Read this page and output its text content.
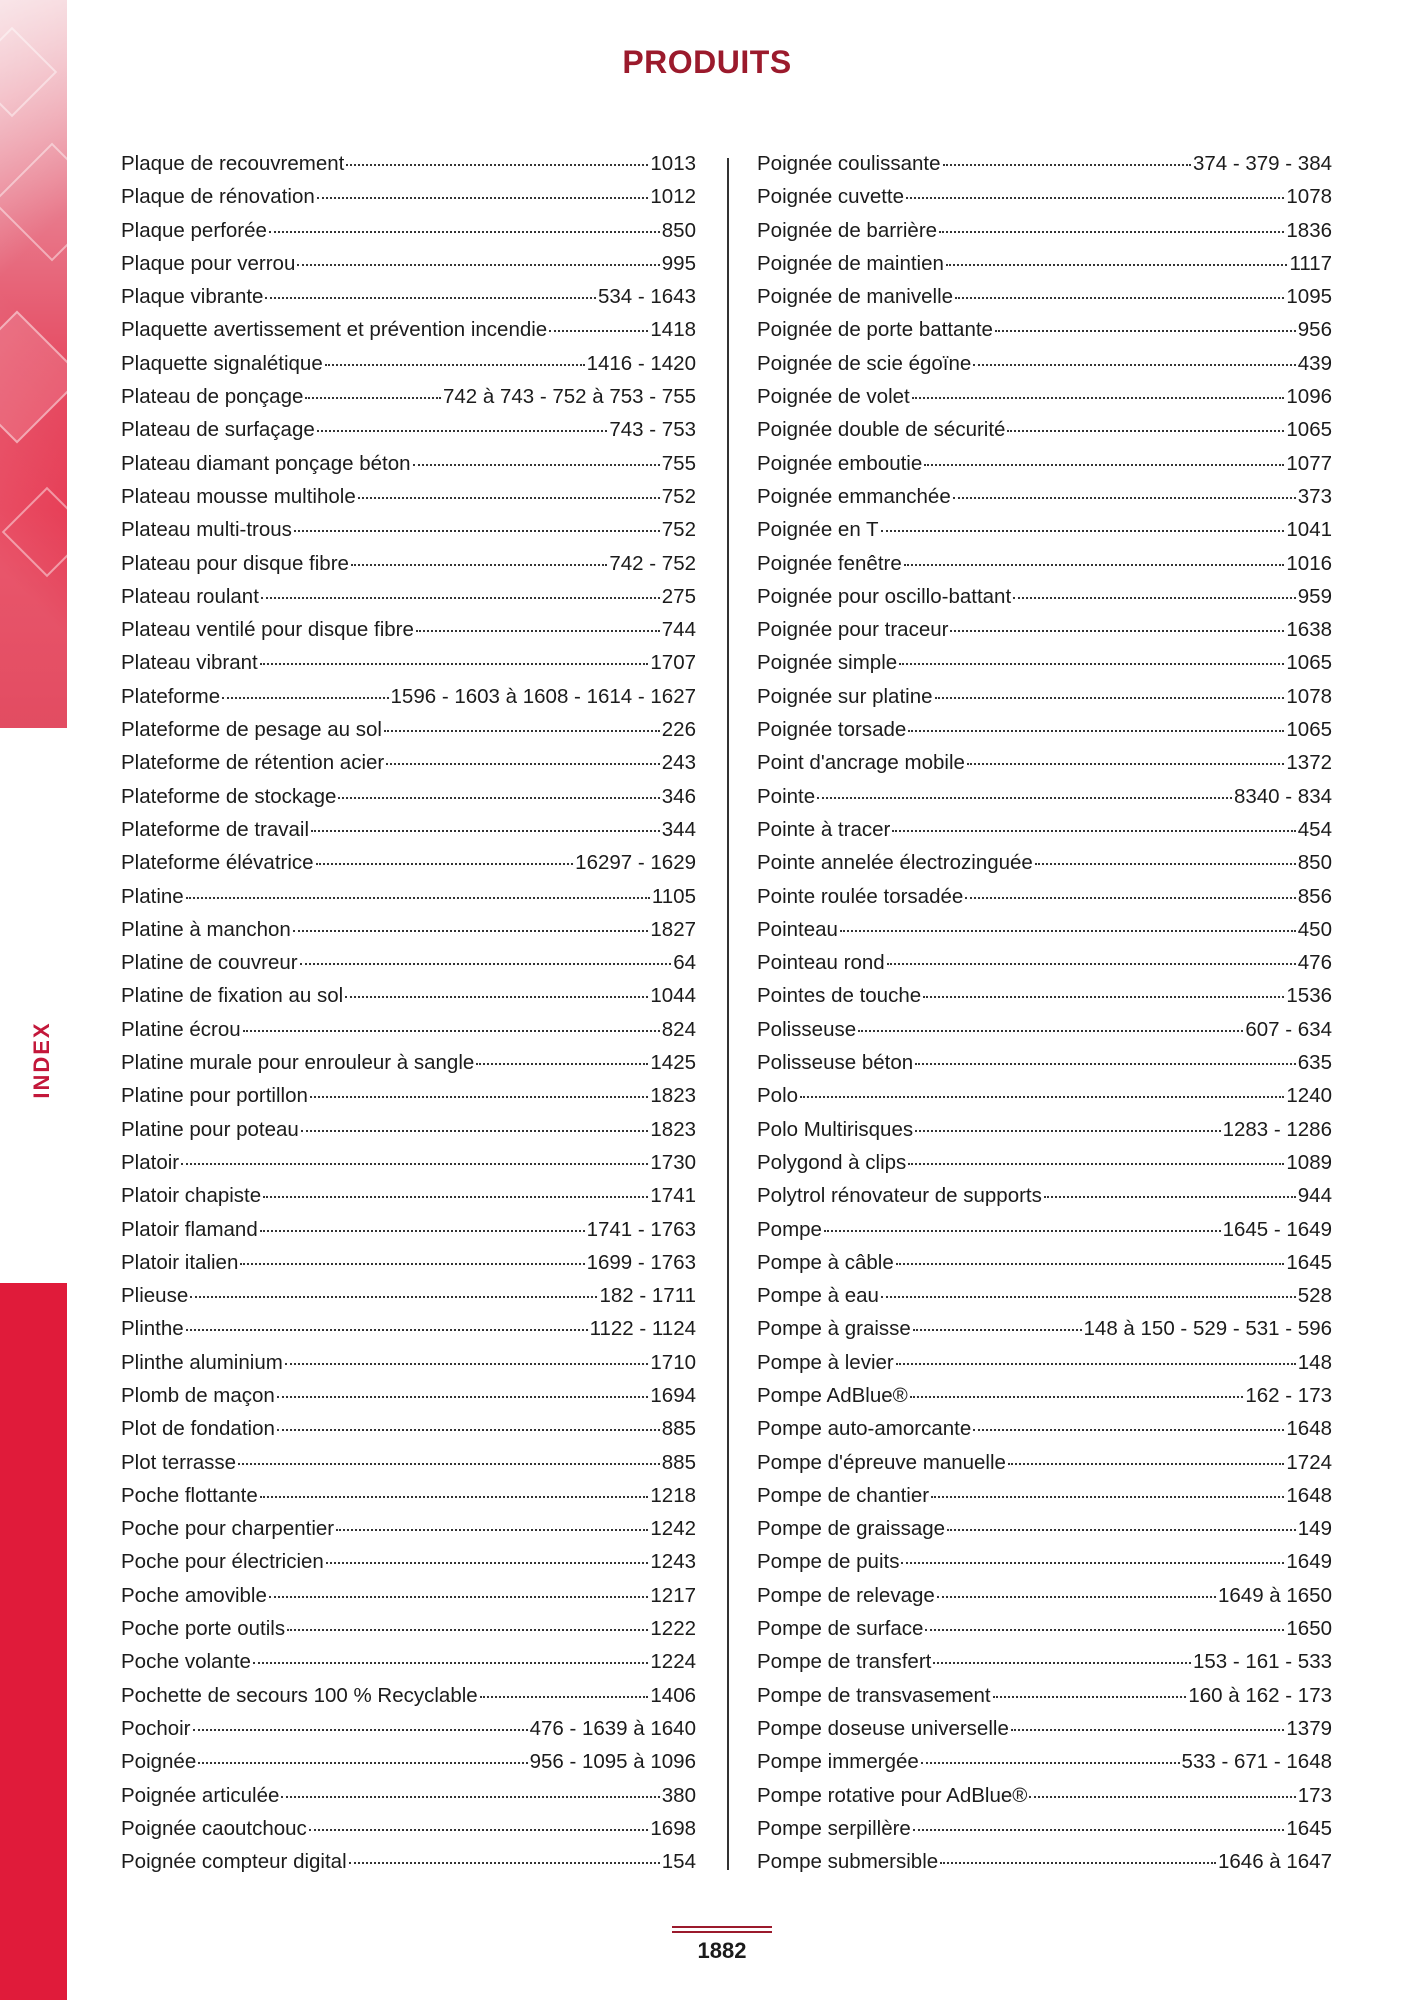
INDEX
PRODUITS
Plaque de recouvrement	1013
Plaque de rénovation	1012
Plaque perforée	850
Plaque pour verrou	995
Plaque vibrante	534 - 1643
Plaquette avertissement et prévention incendie	1418
Plaquette signalétique	1416 - 1420
Plateau de ponçage	742 à 743 - 752 à 753 - 755
Plateau de surfaçage	743 - 753
Plateau diamant ponçage béton	755
Plateau mousse multihole	752
Plateau multi-trous	752
Plateau pour disque fibre	742 - 752
Plateau roulant	275
Plateau ventilé pour disque fibre	744
Plateau vibrant	1707
Plateforme	1596 - 1603 à 1608 - 1614 - 1627
Plateforme de pesage au sol	226
Plateforme de rétention acier	243
Plateforme de stockage	346
Plateforme de travail	344
Plateforme élévatrice	16297 - 1629
Platine	1105
Platine à manchon	1827
Platine de couvreur	64
Platine de fixation au sol	1044
Platine écrou	824
Platine murale pour enrouleur à sangle	1425
Platine pour portillon	1823
Platine pour poteau	1823
Platoir	1730
Platoir chapiste	1741
Platoir flamand	1741 - 1763
Platoir italien	1699 - 1763
Plieuse	182 - 1711
Plinthe	1122 - 1124
Plinthe aluminium	1710
Plomb de maçon	1694
Plot de fondation	885
Plot terrasse	885
Poche flottante	1218
Poche pour charpentier	1242
Poche pour électricien	1243
Poche amovible	1217
Poche porte outils	1222
Poche volante	1224
Pochette de secours 100 % Recyclable	1406
Pochoir	476 - 1639 à 1640
Poignée	956 - 1095 à 1096
Poignée articulée	380
Poignée caoutchouc	1698
Poignée compteur digital	154
Poignée coulissante	374 - 379 - 384
Poignée cuvette	1078
Poignée de barrière	1836
Poignée de maintien	1117
Poignée de manivelle	1095
Poignée de porte battante	956
Poignée de scie égoïne	439
Poignée de volet	1096
Poignée double de sécurité	1065
Poignée emboutie	1077
Poignée emmanchée	373
Poignée en T	1041
Poignée fenêtre	1016
Poignée pour oscillo-battant	959
Poignée pour traceur	1638
Poignée simple	1065
Poignée sur platine	1078
Poignée torsade	1065
Point d'ancrage mobile	1372
Pointe	8340 - 834
Pointe à tracer	454
Pointe annelée électrozinguée	850
Pointe roulée torsadée	856
Pointeau	450
Pointeau rond	476
Pointes de touche	1536
Polisseuse	607 - 634
Polisseuse béton	635
Polo	1240
Polo Multirisques	1283 - 1286
Polygond à clips	1089
Polytrol rénovateur de supports	944
Pompe	1645 - 1649
Pompe à câble	1645
Pompe à eau	528
Pompe à graisse	148 à 150 - 529 - 531 - 596
Pompe à levier	148
Pompe AdBlue®	162 - 173
Pompe auto-amorcante	1648
Pompe d'épreuve manuelle	1724
Pompe de chantier	1648
Pompe de graissage	149
Pompe de puits	1649
Pompe de relevage	1649 à 1650
Pompe de surface	1650
Pompe de transfert	153 - 161 - 533
Pompe de transvasement	160 à 162 - 173
Pompe doseuse universelle	1379
Pompe immergée	533 - 671 - 1648
Pompe rotative pour AdBlue®	173
Pompe serpillère	1645
Pompe submersible	1646 à 1647
1882
